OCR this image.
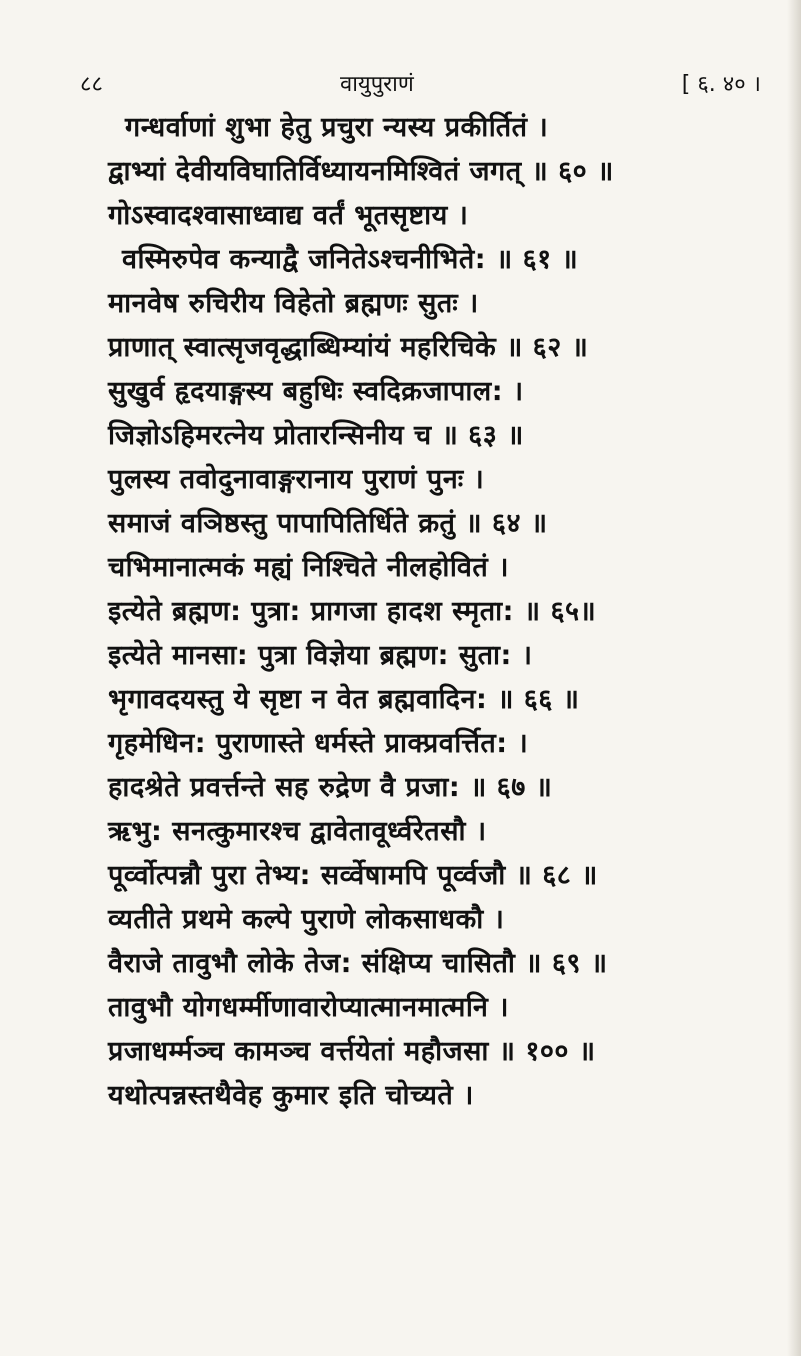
८८	वायुपुराणं	[ ६. ४० ।
गन्धर्वाणां शुभा हेतु प्रचुरा न्यस्य प्रकीर्तितं ।
द्वाभ्यां देवीयविघातिर्विध्यायनमिश्वितं जगत् ॥ ६० ॥
गोऽस्वादश्वासाध्वाद्य वर्तं भूतसृष्टाय ।
वस्मिरुपेव कन्याद्वै जनितेऽश्चनीभिते: ॥ ६१ ॥
मानवेष रुचिरीय विहेतो ब्रह्मणः सुतः ।
प्राणात् स्वात्सृजवृद्धाब्धिम्यांयं महरिचिके ॥ ६२ ॥
सुखुर्व हृदयाङ्गस्य बहुधिः स्वदिक्रजापाल: ।
जिज्ञोऽहिमरत्नेय प्रोतारन्सिनीय च ॥ ६३ ॥
पुलस्य तवोदुनावाङ्गरानाय पुराणं पुनः ।
समाजं वञिष्ठस्तु पापापितिर्धिते क्रतुं ॥ ६४ ॥
चभिमानात्मकं मह्यं निश्चिते नीलहोवितं ।
इत्येते ब्रह्मण: पुत्रा: प्रागजा हादश स्मृता: ॥ ६५॥
इत्येते मानसा: पुत्रा विज्ञेया ब्रह्मण: सुता: ।
भृगावदयस्तु ये सृष्टा न वेत ब्रह्मवादिन: ॥ ६६ ॥
गृहमेधिन: पुराणास्ते धर्मस्ते प्राक्प्रवर्त्तित: ।
हादश्रेते प्रवर्त्तन्ते सह रुद्रेण वै प्रजा: ॥ ६७ ॥
ऋभु: सनत्कुमारश्च द्वावेतावूर्ध्वरेतसौ ।
पूर्व्वोत्पन्नौ पुरा तेभ्य: सर्व्वेषामपि पूर्व्वजौ ॥ ६८ ॥
व्यतीते प्रथमे कल्पे पुराणे लोकसाधकौ ।
वैराजे तावुभौ लोके तेज: संक्षिप्य चासितौ ॥ ६९ ॥
तावुभौ योगधर्म्मीणावारोप्यात्मानमात्मनि ।
प्रजाधर्म्मञ्च कामञ्च वर्त्तयेतां महौजसा ॥ १०० ॥
यथोत्पन्नस्तथैवेह कुमार इति चोच्यते ।
